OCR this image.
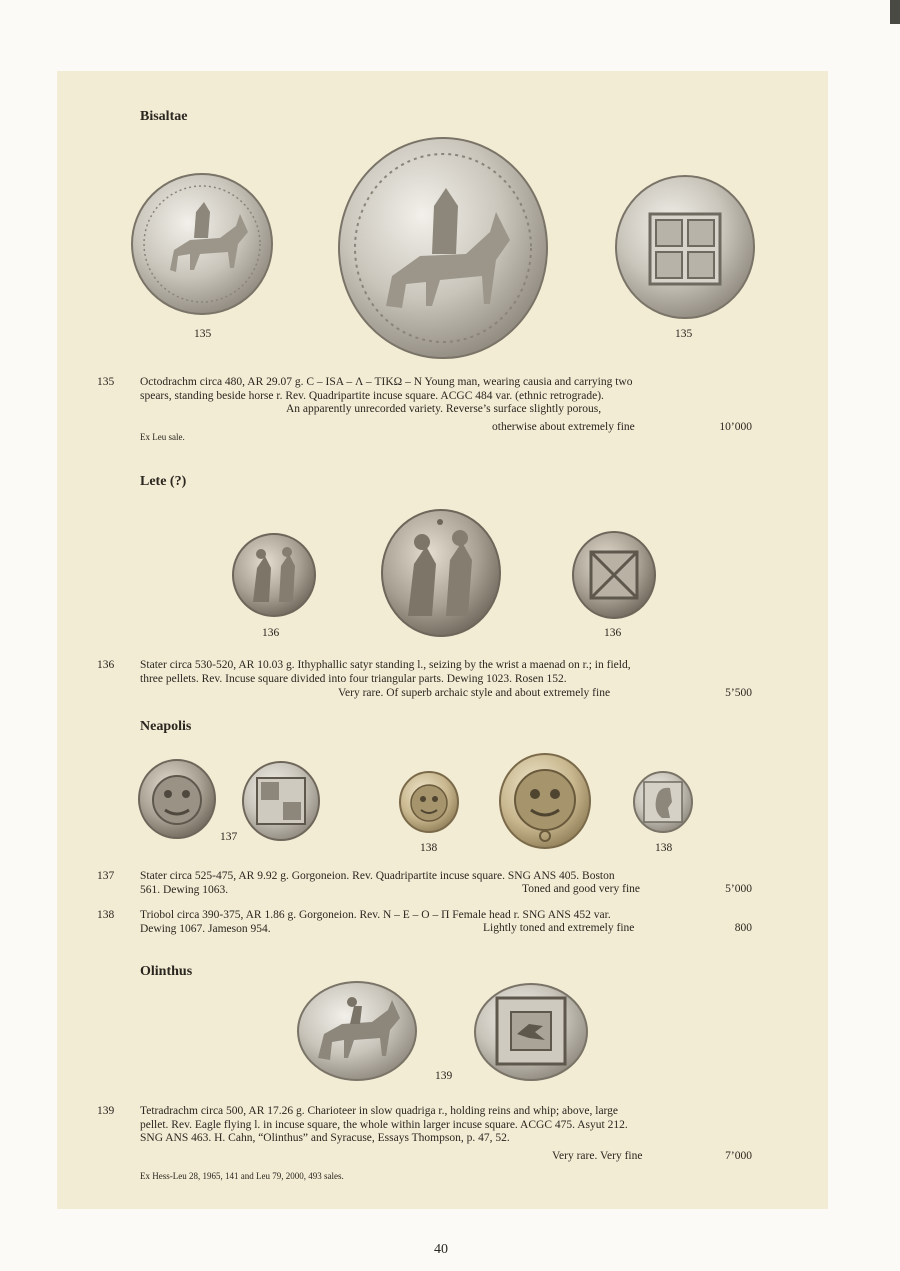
Bisaltae
135	135
135 Octodrachm circa 480, AR 29.07 g. C – ISA – Λ – TIKΩ – N Young man, wearing causia and carrying two
spears, standing beside horse r. Rev. Quadripartite incuse square. ACGC 484 var. (ethnic retrograde).
An apparently unrecorded variety. Reverse’s surface slightly porous,
otherwise about extremely fine	10’000
Ex Leu sale.
Lete (?)
136	136
136 Stater circa 530-520, AR 10.03 g. Ithyphallic satyr standing l., seizing by the wrist a maenad on r.; in field,
three pellets. Rev. Incuse square divided into four triangular parts. Dewing 1023. Rosen 152.
Very rare. Of superb archaic style and about extremely fine	5’500
Neapolis
137
138	138
137 Stater circa 525-475, AR 9.92 g. Gorgoneion. Rev. Quadripartite incuse square. SNG ANS 405. Boston
561. Dewing 1063.	Toned and good very fine	5’000
138 Triobol circa 390-375, AR 1.86 g. Gorgoneion. Rev. N – E – O – Π Female head r. SNG ANS 452 var.
Dewing 1067. Jameson 954.	Lightly toned and extremely fine	800
Olinthus
139
139 Tetradrachm circa 500, AR 17.26 g. Charioteer in slow quadriga r., holding reins and whip; above, large
pellet. Rev. Eagle flying l. in incuse square, the whole within larger incuse square. ACGC 475. Asyut 212.
SNG ANS 463. H. Cahn, “Olinthus” and Syracuse, Essays Thompson, p. 47, 52.
Very rare. Very fine	7’000
Ex Hess-Leu 28, 1965, 141 and Leu 79, 2000, 493 sales.
40
